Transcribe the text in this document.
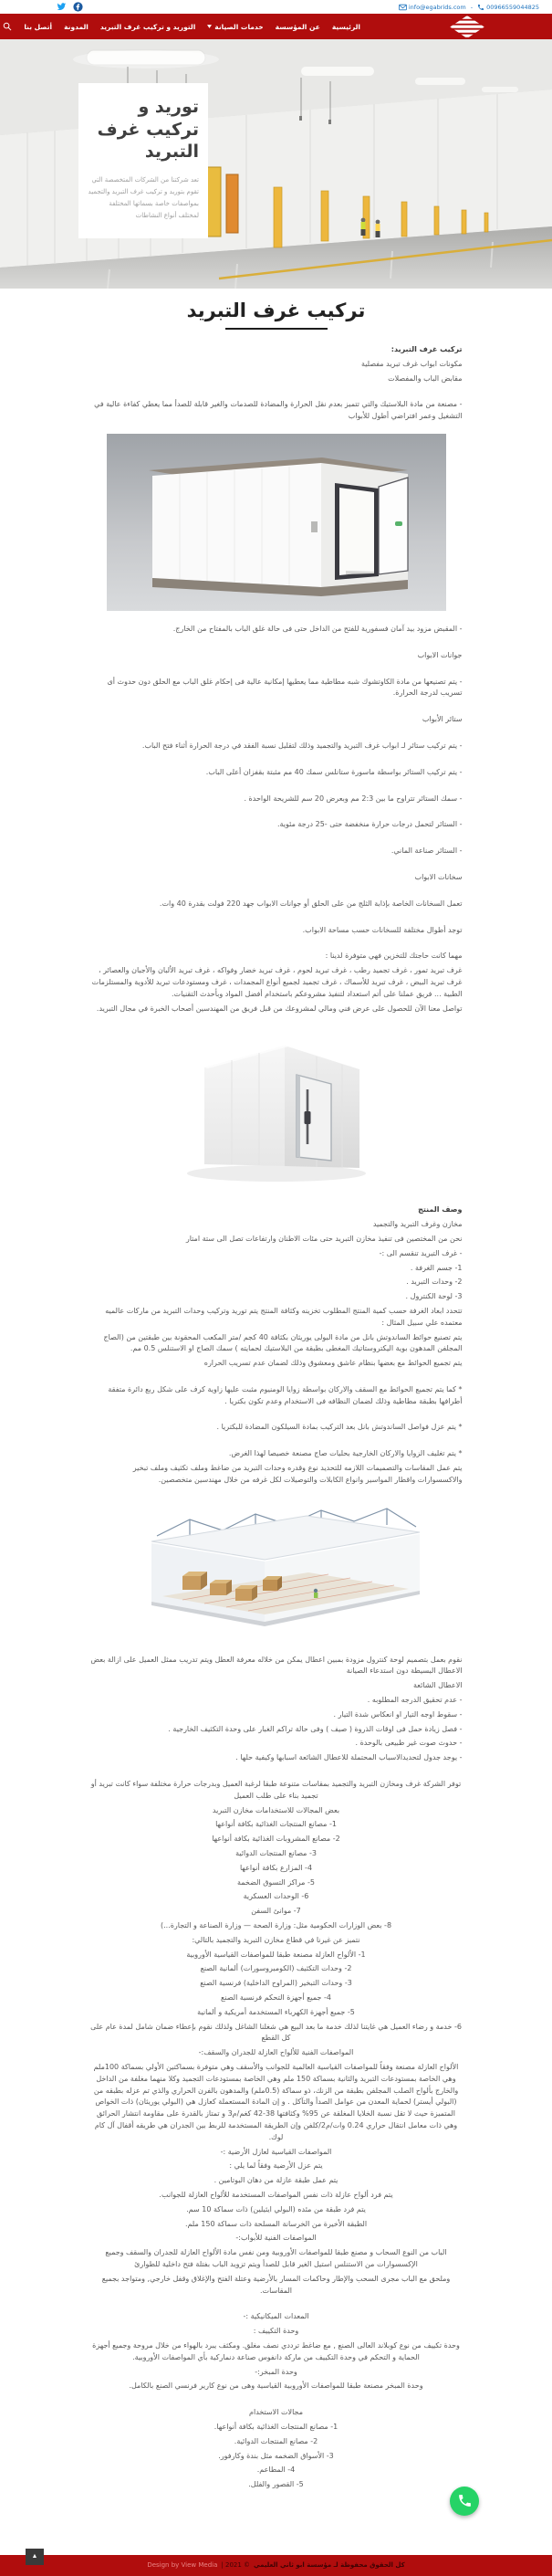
info@egabrids.com - 00966559044825
الرئيسية
عن المؤسسة
خدمات الصيانة
التوريد و تركيب غرف التبريد
المدونة
أتصل بنا
توريد و تركيب غرف التبريد

تعد شركتنا من الشركات المتخصصة التي تقوم بتوريد و تركيب غرف التبريد والتجميد بمواصفات خاصة بسماتها المختلفة لمختلف أنواع النشاطات

تركيب غرف التبريد

تركيب غرف التبريد:

مكونات ابواب غرف تبريد مفصلية

مقابض الباب والمفصلات

- مصنعة من مادة البلاستيك والتي تتميز بعدم نقل الحرارة والمضادة للصدمات والغير قابلة للصدأ مما يعطي كفاءة عالية في التشغيل وعمر افتراضي أطول للأبواب

- المقبض مزود بيد آمان فسفورية للفتح من الداخل حتى فى حالة غلق الباب بالمفتاح من الخارج.

جوانات الابواب

- يتم تصنيعها من مادة الكاوتشوك شبه مطاطية مما يعطيها إمكانية عالية فى إحكام غلق الباب مع الحلق دون حدوث أى تسريب لدرجة الحرارة.

ستائر الأبواب

- يتم تركيب ستائر لـ ابواب غرف التبريد والتجميد وذلك لتقليل نسبة الفقد في درجة الحرارة أثناء فتح الباب.

- يتم تركيب الستائر بواسطة ماسورة ستانلس سمك 40 مم مثبتة بقفزان أعلى الباب.

- سمك الستائر تتراوح ما بين 2:3 مم وبعرض 20 سم للشريحة الواحدة .

- الستائر لتحمل درجات حرارة منخفضة حتى -25 درجة مئوية.

- الستائر صناعة الماني.

سخانات الابواب

تعمل السخانات الخاصة بإذابة الثلج من على الحلق أو جوانات الابواب جهد 220 فولت بقدرة 40 وات.

توجد أطوال مختلفة للسخانات حسب مساحة الابواب.

مهما كانت حاجتك للتخزين فهي متوفرة لدينا :

غرف تبريد تمور ، غرف تجميد رطب ، غرف تبريد لحوم ، غرف تبريد خضار وفواكه ، غرف تبريد الألبان والأجبان والعصائر ، غرف تبريد البيض ، غرف تبريد للأسماك ، غرف تجميد لجميع أنواع المجمدات ، غرف ومستودعات تبريد للأدوية والمستلزمات الطبية ... فريق عملنا على أتم استعداد لتنفيذ مشروعكم باستخدام أفضل المواد وبأحدث التقنيات.

تواصل معنا الآن للحصول على عرض فني ومالي لمشروعك من قبل فريق من المهندسين أصحاب الخبرة في مجال التبريد.

وصف المنتج

مخازن وغرف التبريد والتجميد

نحن من المختصين فى تنفيذ مخازن التبريد حتى مئات الاطنان وارتفاعات تصل الى ستة امتار

- غرف التبريد تنقسم الى :-

1- جسم الغرفة .

2- وحدات التبريد .

3- لوحة الكنترول .

تتحدد ابعاد الغرفة حسب كمية المنتج المطلوب تخزينه وكثافة المنتج يتم توريد وتركيب وحدات التبريد من ماركات عالميه معتمده علي سبيل المثال :

يتم تصنيع حوائط الساندوتش بانل من مادة البولى يوريثان بكثافة 40 كجم /متر المكعب المحقونة بين طبقتين من (الصاج المجلفن المدهون بوية اليكتروستاتيك المغطى بطبقة من البلاستيك لحمايته ) سمك الصاج او الاستنلس 0.5 مم.

يتم تجميع الحوائط مع بعضها بنظام عاشق ومعشوق وذلك لضمان عدم تسريب الحراره

* كما يتم تجميع الحوائط مع السقف والاركان بواسطة زوايا الومنيوم مثبت عليها زاوية كرف على شكل ربع دائرة متفقة أطرافها بطبقة مطاطية وذلك لضمان النظافه فى الاستخدام وعدم تكون بكتريا .

* يتم عزل فواصل الساندوتش بانل بعد التركيب بمادة السيلكون المضادة للبكتريا .

* يتم تغليف الزوايا والاركان الخارجية بحليات صاج مصنعة خصيصا لهذا الغرض.

يتم عمل المقاسات والتصميمات اللازمه للتحديد نوع وقدره وحدات التبريد من ضاغط وملف تكثيف وملف تبخير والاكسسوارات واقطار المواسير وانواع الكابلات والتوصيلات لكل غرفه من خلال مهندسين متخصصين.

نقوم بعمل بتصميم لوحة كنترول مزودة بمبين اعطال يمكن من خلاله معرفة العطل ويتم تدريب ممثل العميل على ازالة بعض الاعطال البسيطة دون استدعاء الصيانة

الاعطال الشائعة

- عدم تحقيق الدرجه المطلوبه .

- سقوط اوجه التيار او انعكاس شدة التيار .

- فصل زيادة حمل فى اوقات الذروة ( صيف ) وفى حالة تراكم الغبار على وحدة التكثيف الخارجية .

- حدوث صوت غير طبيعى بالوحدة .

- يوجد جدول لتحديدالاسباب المحتملة للاعطال الشائعة اسبابها وكيفية حلها .

توفر الشركة غرف ومخازن التبريد والتجميد بمقاسات متنوعة طبقا لرغبة العميل وبدرجات حرارة مختلفة سواء كانت تبريد أو تجميد بناء على طلب العميل

بعض المجالات للاستخدامات مخازن التبريد

1- مصانع المنتجات الغذائية بكافة أنواعها

2- مصانع المشروبات الغذائية بكافة أنواعها

3- مصانع المنتجات الدوائية

4- المزارع بكافة أنواعها

5- مراكز التسوق الضخمة

6- الوحدات العسكرية

7- موانئ السفن

8- بعض الوزارات الحكومية مثل: وزارة الصحة — وزارة الصناعة و التجارة...)

نتميز عن غيرنا في قطاع مخازن التبريد والتجميد بالتالي:

1- الألواح العازلة مصنعة طبقا للمواصفات القياسية الأوروبية

2- وحدات التكثيف (الكومبروسورات) ألمانية الصنع

3- وحدات التبخير (المراوح الداخلية) فرنسية الصنع

4- جميع أجهزة التحكم فرنسية الصنع

5- جميع أجهزة الكهرباء المستخدمة أمريكية و ألمانية

6- خدمة و رضاء العميل هي غايتنا لذلك خدمة ما بعد البيع هي شغلنا الشاغل ولذلك نقوم بإعطاء ضمان شامل لمدة عام على كل القطع

المواصفات الفنية للألواح العازلة للجدران والسقف:-

الألواح العازلة مصنعة وفقاً للمواصفات القياسية العالمية للجوانب والأسقف وهي متوفرة بسماكتين الأولي بسماكة 100ملم وهي الخاصة بمستودعات التبريد والثانية بسماكة 150 ملم وهي الخاصة بمستودعات التجميد وكلا منهما مغلفة من الداخل والخارج بألواح الصلب المجلفن بطبقة من الزنك، ذو سماكة (0.5ملم) والمدهون بالفرن الحراري والذي تم عزله بطبقه من (البولي أيستر) لحماية المعدن من عوامل الصدأ والتآكل . و إن المادة المستعملة كعازل هي (البولي يوريثان) ذات الخواص المتميزة حيث لا تقل نسبة الخلايا المغلقة عن 95% وكثافتها 38-42 كغم/م3 و تمتاز بالقدرة على مقاومة انتشار الحرائق وهي ذات معامل انتقال حراري 0.24 وات/م2/كلفن وإن الطريقة المستخدمة للربط بين الجدران هي طريقه أقفال آل كام لوك.

المواصفات القياسية لعازل الأرضية :-

يتم عزل الأرضية وفقاً لما يلي :

يتم عمل طبقة عازلة من دهان البوتامين .

يتم فرد ألواح عازلة ذات نفس المواصفات المستخدمة للألواح العازلة للجوانب.

يتم فرد طبقة من مئده (البولي ايثيلين) ذات سماكة 10 سم.

الطبقة الأخيرة من الخرسانة المسلحة ذات سماكة 150 ملم.

المواصفات الفنية للأبواب:-

الباب من النوع السحاب و مصنع طبقا للمواصفات الأوروبية ومن نفس مادة الألواح العازلة للجدران والسقف وجميع الإكسسوارات من الاستنلس استيل الغير قابل للصدأ ويتم تزويد الباب بفتلة فتح داخلية للطوارئ

وملحق مع الباب مجرى السحب والإطار وحاكمات المسار بالأرضية وعتلة الفتح والإغلاق وقفل خارجي, ومتواجد بجميع المقاسات.

المعدات الميكانيكية :-

وحدة التكييف :

وحدة تكييف من نوع كوبلاند العالى الصنع , مع ضاغط ترددي نصف مغلق. ومكثف يبرد بالهواء من خلال مروحة وجميع أجهزة الحماية و التحكم في وحدة التكييف من ماركة دانفوس صناعة دنماركية بأي المواصفات الأوروبية.

وحدة المبخر:-

وحدة المبخر مصنعة طبقا للمواصفات الأوروبية القياسية وهى من نوع كارير فرنسي الصنع بالكامل.

مجالات الاستخدام

1- مصانع المنتجات الغذائية بكافة أنواعها.

2- مصانع المنتجات الدوائية.

3- الأسواق الضخمه مثل بندة وكارفور.

4- المطاعم.

5- القصور والفلل.

▲
كل الحقوق محفوظة لـ مؤسسة ابو ثاني العليمي
© 2021 |
Design by View Media
